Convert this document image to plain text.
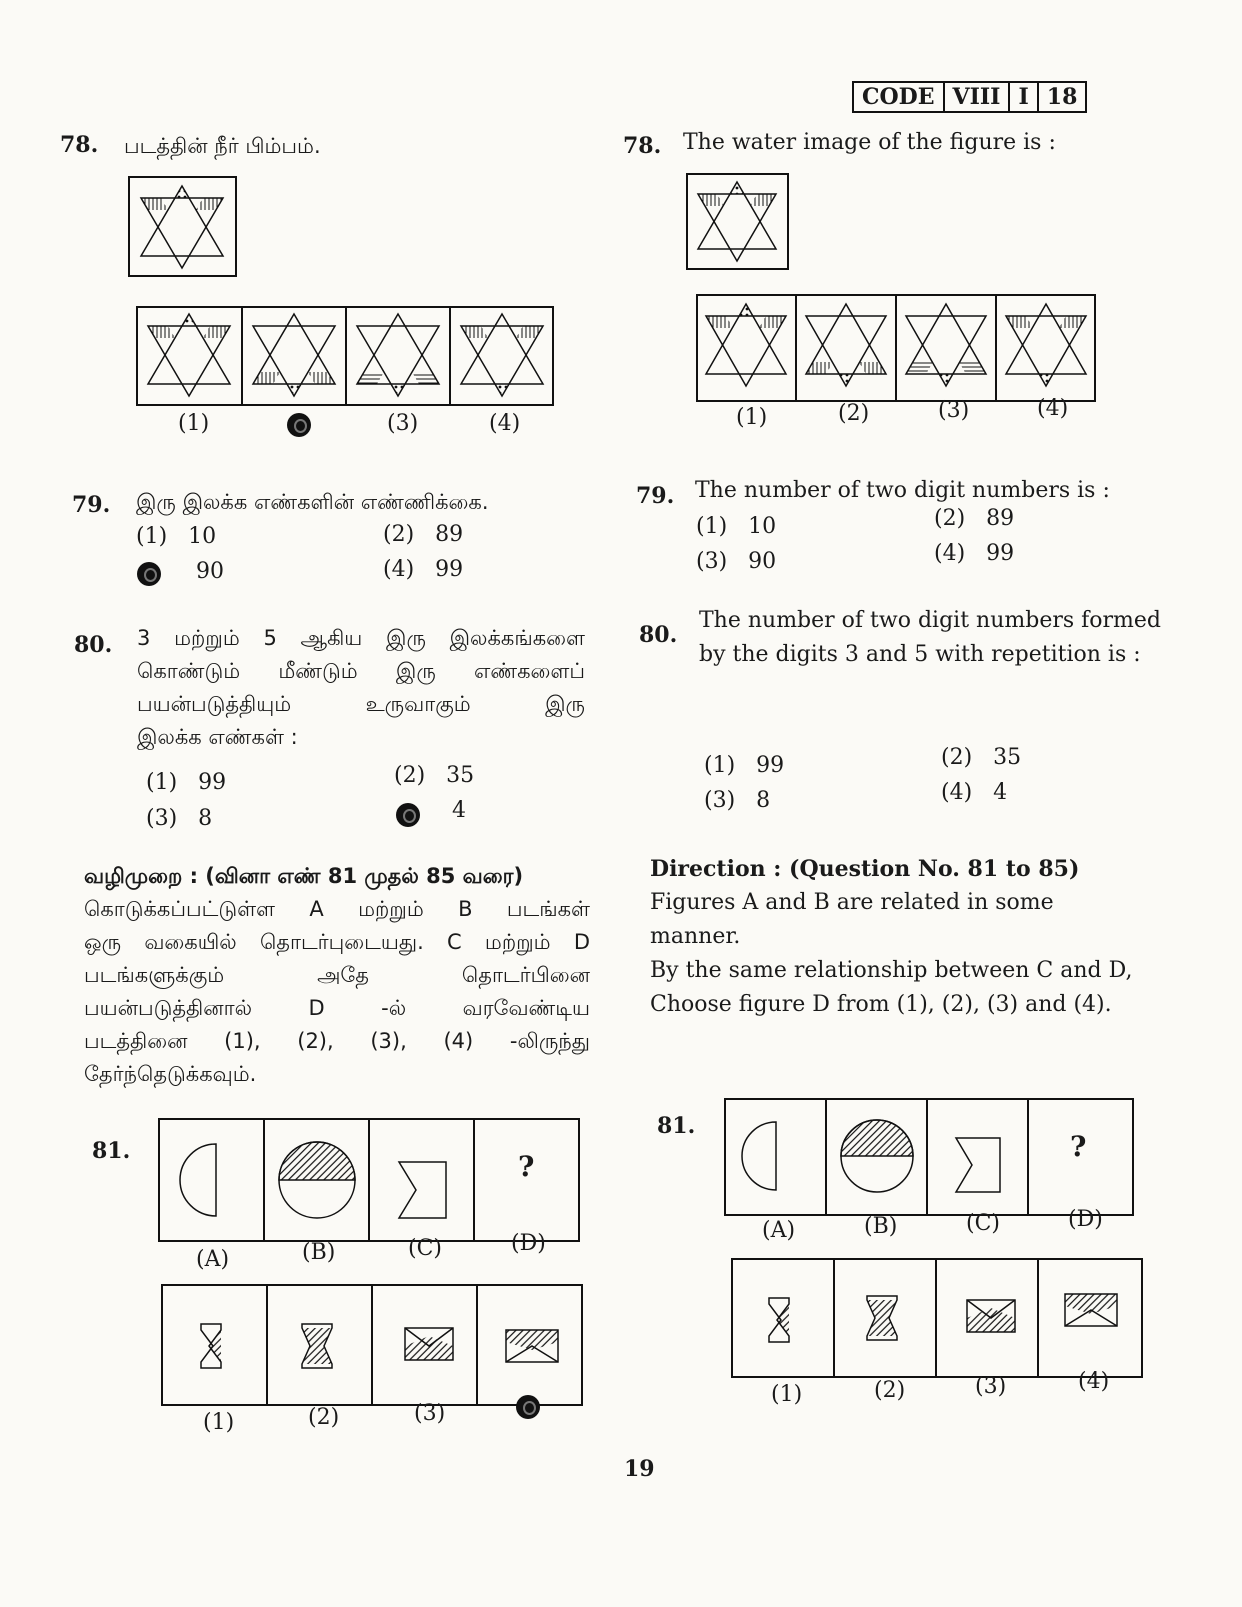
CODE VIII I 18
78. படத்தின் நீர் பிம்பம்.
(1)	(3)	(4)
79. இரு இலக்க எண்களின் எண்ணிக்கை.
(1) 10	(2) 89
90	(4) 99
80. 3 மற்றும் 5 ஆகிய இரு இலக்கங்களை
கொண்டும் மீண்டும் இரு எண்களைப்
பயன்படுத்தியும் உருவாகும் இரு
இலக்க எண்கள் :
(1) 99	(2) 35
(3) 8	4
வழிமுறை : (வினா எண் 81 முதல் 85 வரை)
கொடுக்கப்பட்டுள்ள A மற்றும் B படங்கள்
ஒரு வகையில் தொடர்புடையது. C மற்றும் D
படங்களுக்கும் அதே தொடர்பினை
பயன்படுத்தினால் D -ல் வரவேண்டிய
படத்தினை (1), (2), (3), (4) -லிருந்து
தேர்ந்தெடுக்கவும்.
81.	?
(A)	(B)	(C)	(D)
(1)	(2)	(3)
78. The water image of the figure is :
(1)	(2)	(3)	(4)
79. The number of two digit numbers is :
(1) 10	(2) 89
(3) 90	(4) 99
80.
The number of two digit numbers formed
by the digits 3 and 5 with repetition is :
(1) 99	(2) 35
(3) 8	(4) 4
Direction : (Question No. 81 to 85)
Figures A and B are related in some manner.
By the same relationship between C and D,
Choose figure D from (1), (2), (3) and (4).
81.
?
(A)	(B)	(C)	(D)
(1)	(2)	(3)	(4)
19
